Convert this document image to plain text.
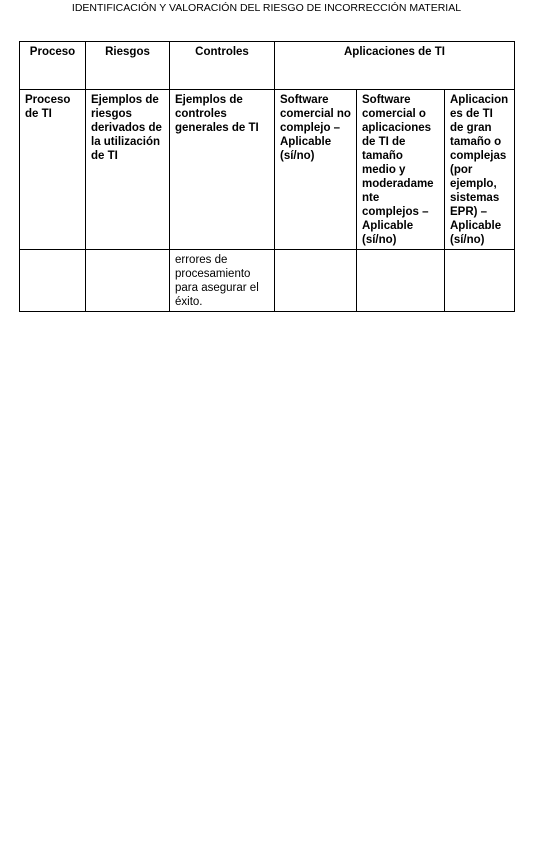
IDENTIFICACIÓN Y VALORACIÓN DEL RIESGO DE INCORRECCIÓN MATERIAL
Proceso	Riesgos	Controles	Aplicaciones de TI		
Proceso de TI	Ejemplos de riesgos derivados de la utilización de TI	Ejemplos de controles generales de TI	Software comercial no complejo – Aplicable (sí/no)	Software comercial o aplicaciones de TI de tamaño medio y moderadame nte complejos – Aplicable (sí/no)	Aplicacion es de TI de gran tamaño o complejas (por ejemplo, sistemas EPR) – Aplicable (sí/no)
		errores de procesamiento para asegurar el éxito.			
